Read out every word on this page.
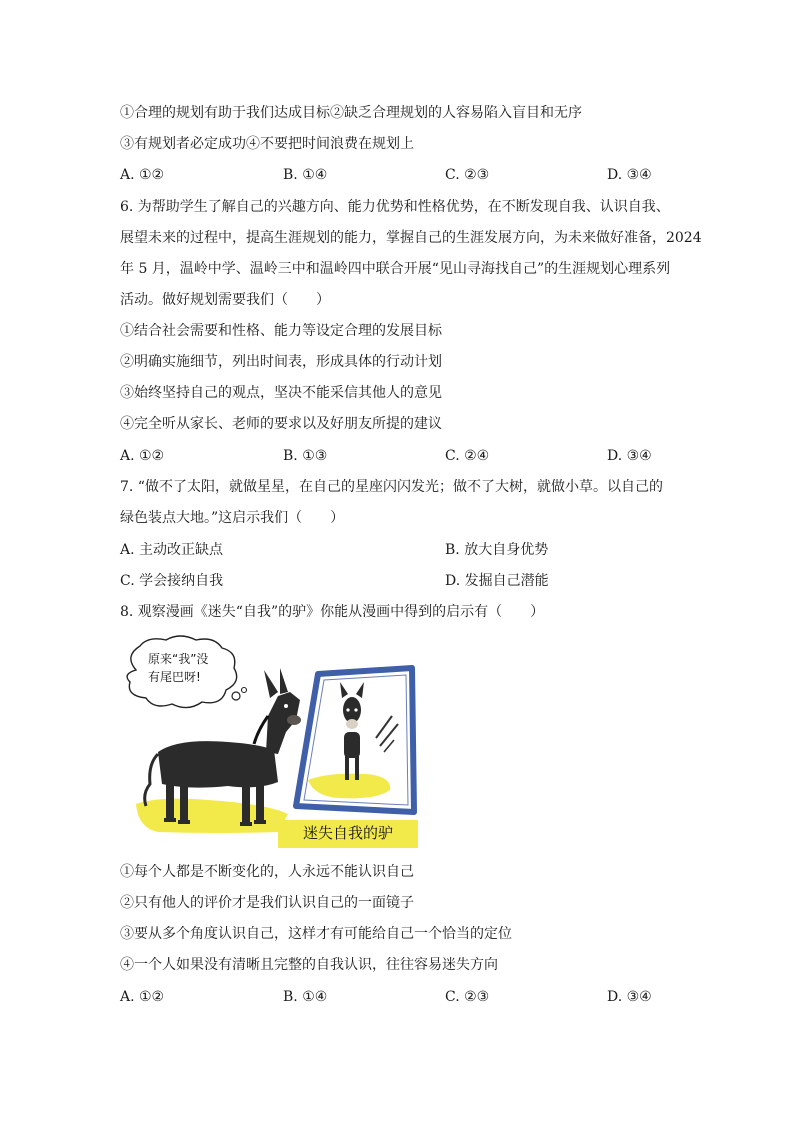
①合理的规划有助于我们达成目标②缺乏合理规划的人容易陷入盲目和无序
③有规划者必定成功④不要把时间浪费在规划上
A. ①②	B. ①④	C. ②③	D. ③④
6. 为帮助学生了解自己的兴趣方向、能力优势和性格优势，在不断发现自我、认识自我、
展望未来的过程中，提高生涯规划的能力，掌握自己的生涯发展方向，为未来做好准备，2024
年 5 月，温岭中学、温岭三中和温岭四中联合开展“见山寻海找自己”的生涯规划心理系列
活动。做好规划需要我们（　　）
①结合社会需要和性格、能力等设定合理的发展目标
②明确实施细节，列出时间表，形成具体的行动计划
③始终坚持自己的观点，坚决不能采信其他人的意见
④完全听从家长、老师的要求以及好朋友所提的建议
A. ①②	B. ①③	C. ②④	D. ③④
7. “做不了太阳，就做星星，在自己的星座闪闪发光；做不了大树，就做小草。以自己的
绿色装点大地。”这启示我们（　　）
A. 主动改正缺点	B. 放大自身优势
C. 学会接纳自我	D. 发掘自己潜能
8. 观察漫画《迷失“自我”的驴》你能从漫画中得到的启示有（　　）
原来“我”没
有尾巴呀!
迷失自我的驴
①每个人都是不断变化的，人永远不能认识自己
②只有他人的评价才是我们认识自己的一面镜子
③要从多个角度认识自己，这样才有可能给自己一个恰当的定位
④一个人如果没有清晰且完整的自我认识，往往容易迷失方向
A. ①②	B. ①④	C. ②③	D. ③④
